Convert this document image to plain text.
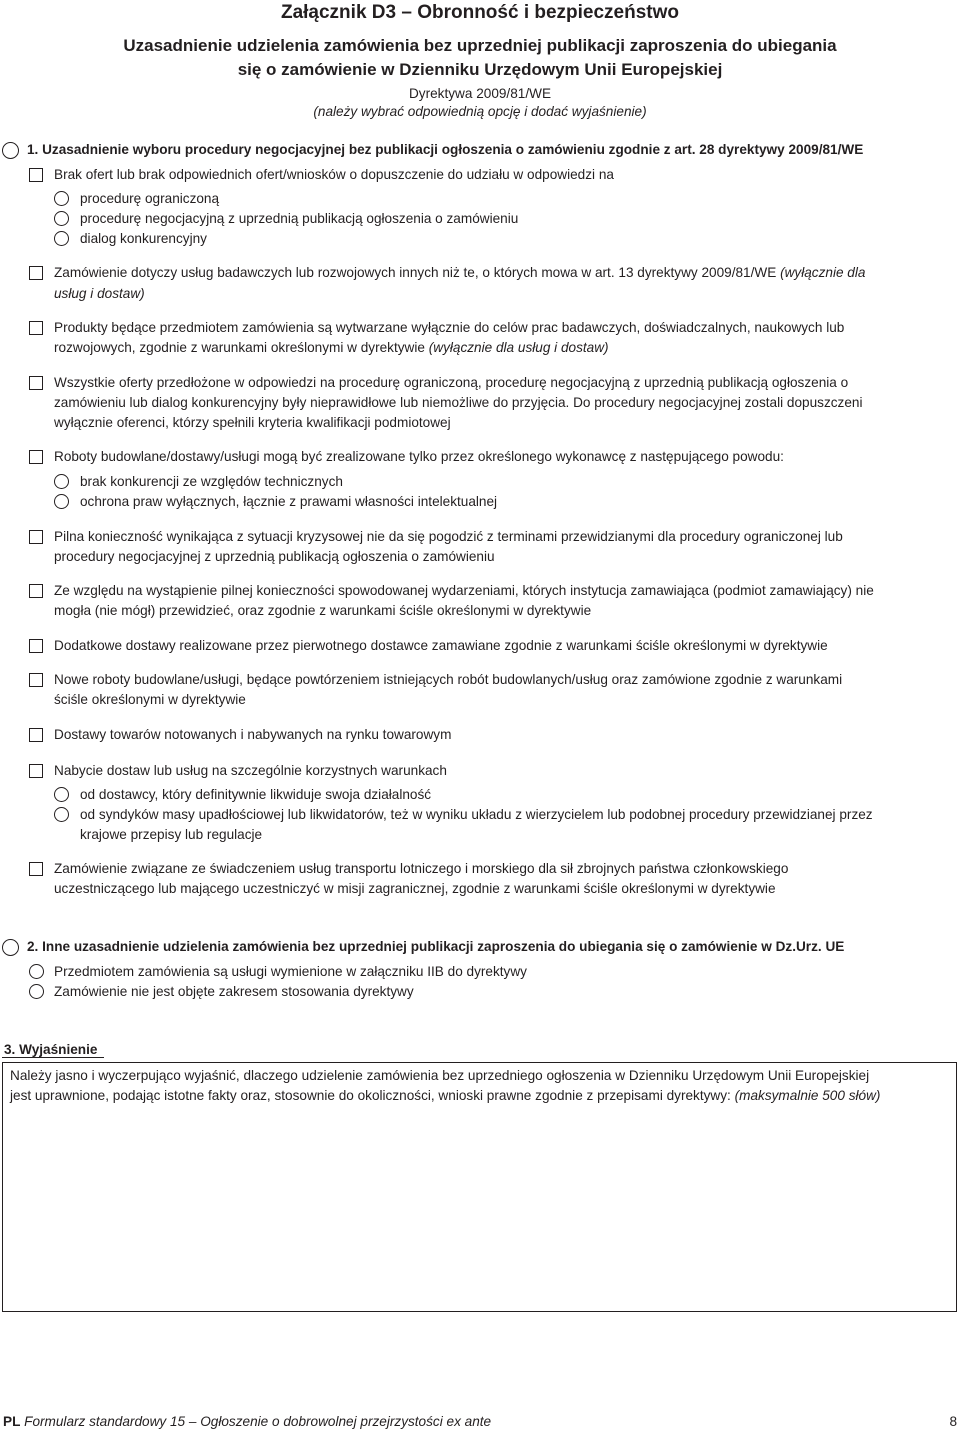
Załącznik D3 – Obronność i bezpieczeństwo
Uzasadnienie udzielenia zamówienia bez uprzedniej publikacji zaproszenia do ubiegania
się o zamówienie w Dzienniku Urzędowym Unii Europejskiej
Dyrektywa 2009/81/WE
(należy wybrać odpowiednią opcję i dodać wyjaśnienie)
1. Uzasadnienie wyboru procedury negocjacyjnej bez publikacji ogłoszenia o zamówieniu zgodnie z art. 28 dyrektywy 2009/81/WE
Brak ofert lub brak odpowiednich ofert/wniosków o dopuszczenie do udziału w odpowiedzi na
procedurę ograniczoną
procedurę negocjacyjną z uprzednią publikacją ogłoszenia o zamówieniu
dialog konkurencyjny
Zamówienie dotyczy usług badawczych lub rozwojowych innych niż te, o których mowa w art. 13 dyrektywy 2009/81/WE (wyłącznie dla
usług i dostaw)
Produkty będące przedmiotem zamówienia są wytwarzane wyłącznie do celów prac badawczych, doświadczalnych, naukowych lub
rozwojowych, zgodnie z warunkami określonymi w dyrektywie (wyłącznie dla usług i dostaw)
Wszystkie oferty przedłożone w odpowiedzi na procedurę ograniczoną, procedurę negocjacyjną z uprzednią publikacją ogłoszenia o
zamówieniu lub dialog konkurencyjny były nieprawidłowe lub niemożliwe do przyjęcia. Do procedury negocjacyjnej zostali dopuszczeni
wyłącznie oferenci, którzy spełnili kryteria kwalifikacji podmiotowej
Roboty budowlane/dostawy/usługi mogą być zrealizowane tylko przez określonego wykonawcę z następującego powodu:
brak konkurencji ze względów technicznych
ochrona praw wyłącznych, łącznie z prawami własności intelektualnej
Pilna konieczność wynikająca z sytuacji kryzysowej nie da się pogodzić z terminami przewidzianymi dla procedury ograniczonej lub
procedury negocjacyjnej z uprzednią publikacją ogłoszenia o zamówieniu
Ze względu na wystąpienie pilnej konieczności spowodowanej wydarzeniami, których instytucja zamawiająca (podmiot zamawiający) nie
mogła (nie mógł) przewidzieć, oraz zgodnie z warunkami ściśle określonymi w dyrektywie
Dodatkowe dostawy realizowane przez pierwotnego dostawce zamawiane zgodnie z warunkami ściśle określonymi w dyrektywie
Nowe roboty budowlane/usługi, będące powtórzeniem istniejących robót budowlanych/usług oraz zamówione zgodnie z warunkami
ściśle określonymi w dyrektywie
Dostawy towarów notowanych i nabywanych na rynku towarowym
Nabycie dostaw lub usług na szczególnie korzystnych warunkach
od dostawcy, który definitywnie likwiduje swoja działalność
od syndyków masy upadłościowej lub likwidatorów, też w wyniku układu z wierzycielem lub podobnej procedury przewidzianej przez
krajowe przepisy lub regulacje
Zamówienie związane ze świadczeniem usług transportu lotniczego i morskiego dla sił zbrojnych państwa członkowskiego
uczestniczącego lub mającego uczestniczyć w misji zagranicznej, zgodnie z warunkami ściśle określonymi w dyrektywie
2. Inne uzasadnienie udzielenia zamówienia bez uprzedniej publikacji zaproszenia do ubiegania się o zamówienie w Dz.Urz. UE
Przedmiotem zamówienia są usługi wymienione w załączniku IIB do dyrektywy
Zamówienie nie jest objęte zakresem stosowania dyrektywy
3. Wyjaśnienie
Należy jasno i wyczerpująco wyjaśnić, dlaczego udzielenie zamówienia bez uprzedniego ogłoszenia w Dzienniku Urzędowym Unii Europejskiej
jest uprawnione, podając istotne fakty oraz, stosownie do okoliczności, wnioski prawne zgodnie z przepisami dyrektywy: (maksymalnie 500 słów)
PL Formularz standardowy 15 – Ogłoszenie o dobrowolnej przejrzystości ex ante	8
